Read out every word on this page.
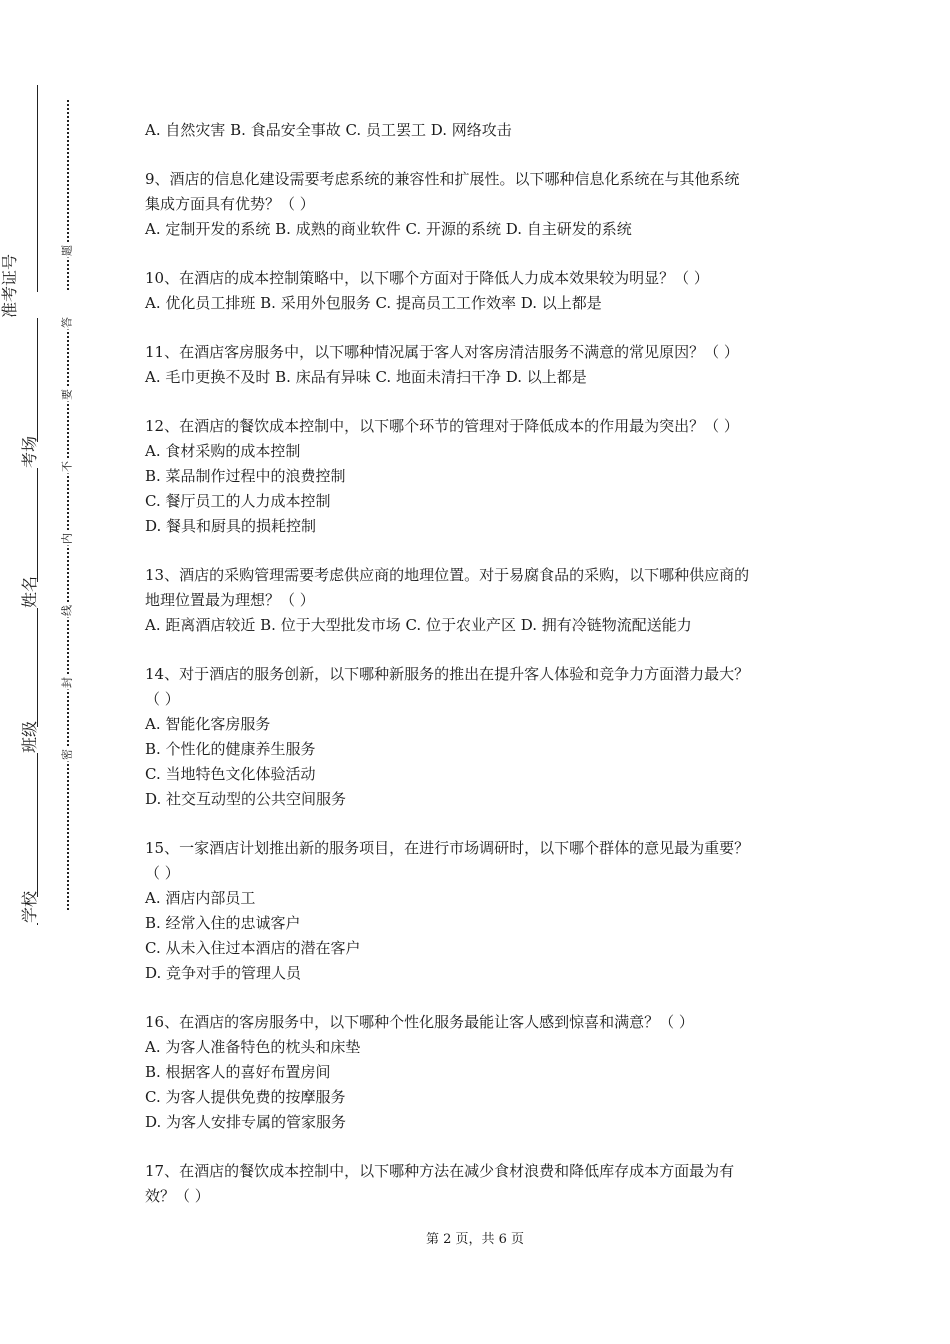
准考证号
考场
姓名
班级
学校
题
答
要
不
内
线
封
密
A. 自然灾害 B. 食品安全事故 C. 员工罢工 D. 网络攻击
9、酒店的信息化建设需要考虑系统的兼容性和扩展性。以下哪种信息化系统在与其他系统
集成方面具有优势？（ ）
A. 定制开发的系统 B. 成熟的商业软件 C. 开源的系统 D. 自主研发的系统
10、在酒店的成本控制策略中，以下哪个方面对于降低人力成本效果较为明显？（ ）
A. 优化员工排班 B. 采用外包服务 C. 提高员工工作效率 D. 以上都是
11、在酒店客房服务中，以下哪种情况属于客人对客房清洁服务不满意的常见原因？（ ）
A. 毛巾更换不及时 B. 床品有异味 C. 地面未清扫干净 D. 以上都是
12、在酒店的餐饮成本控制中，以下哪个环节的管理对于降低成本的作用最为突出？（ ）
A. 食材采购的成本控制
B. 菜品制作过程中的浪费控制
C. 餐厅员工的人力成本控制
D. 餐具和厨具的损耗控制
13、酒店的采购管理需要考虑供应商的地理位置。对于易腐食品的采购，以下哪种供应商的
地理位置最为理想？（ ）
A. 距离酒店较近 B. 位于大型批发市场 C. 位于农业产区 D. 拥有冷链物流配送能力
14、对于酒店的服务创新，以下哪种新服务的推出在提升客人体验和竞争力方面潜力最大？
（ ）
A. 智能化客房服务
B. 个性化的健康养生服务
C. 当地特色文化体验活动
D. 社交互动型的公共空间服务
15、一家酒店计划推出新的服务项目，在进行市场调研时，以下哪个群体的意见最为重要？
（ ）
A. 酒店内部员工
B. 经常入住的忠诚客户
C. 从未入住过本酒店的潜在客户
D. 竞争对手的管理人员
16、在酒店的客房服务中，以下哪种个性化服务最能让客人感到惊喜和满意？（ ）
A. 为客人准备特色的枕头和床垫
B. 根据客人的喜好布置房间
C. 为客人提供免费的按摩服务
D. 为客人安排专属的管家服务
17、在酒店的餐饮成本控制中，以下哪种方法在减少食材浪费和降低库存成本方面最为有
效？（ ）
第 2 页，共 6 页
